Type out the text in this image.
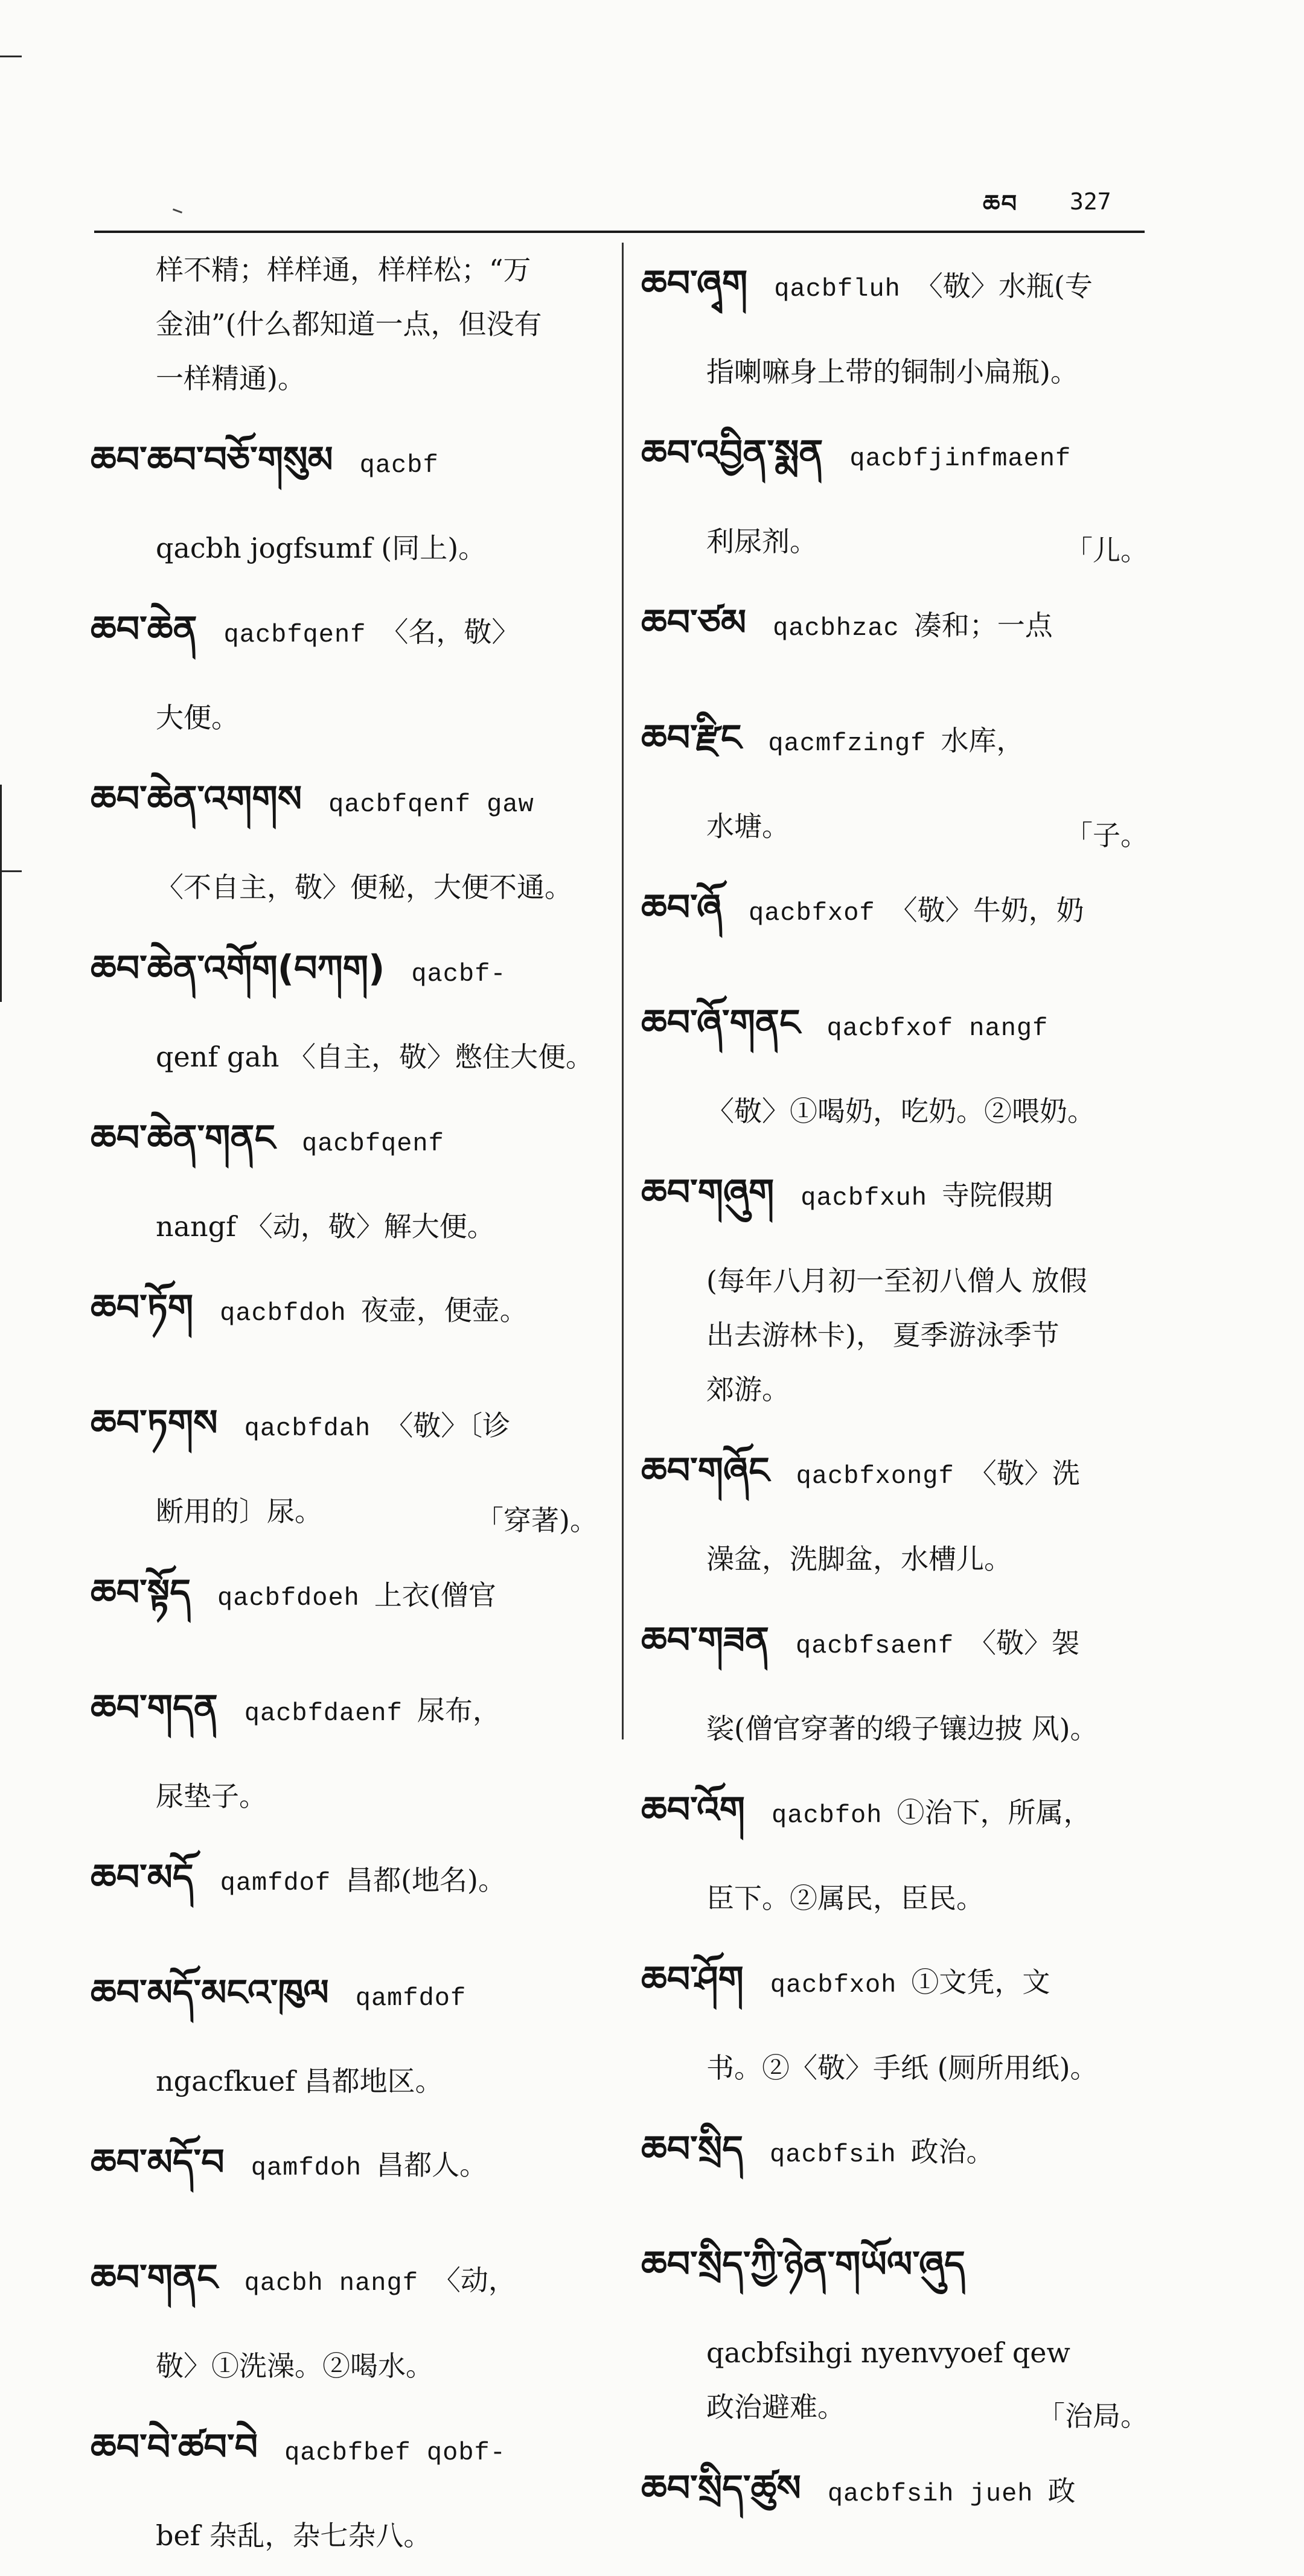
ཆབ 327
样不精；样样通，样样松；“万
金油”(什么都知道一点，但没有
一样精通)。
ཆབ་ཆབ་བཅོ་གསུམ qacbf
qacbh jogfsumf (同上)。
ཆབ་ཆེན qacbfqenf 〈名，敬〉
大便。
ཆབ་ཆེན་འགགས qacbfqenf gaw
〈不自主，敬〉便秘，大便不通。
ཆབ་ཆེན་འགོག(བཀག) qacbf-
qenf gah 〈自主，敬〉憋住大便。
ཆབ་ཆེན་གནང qacbfqenf
nangf 〈动，敬〉解大便。
ཆབ་ཏོག qacbfdoh 夜壶，便壶。
ཆབ་ཏགས qacbfdah 〈敬〉〔诊
断用的〕尿。	「穿著)。
ཆབ་སྟོད qacbfdoeh 上衣(僧官
ཆབ་གདན qacbfdaenf 尿布，
尿垫子。
ཆབ་མདོ qamfdof 昌都(地名)。
ཆབ་མདོ་མངའ་ཁུལ qamfdof
ngacfkuef 昌都地区。
ཆབ་མདོ་བ qamfdoh 昌都人。
ཆབ་གནང qacbh nangf 〈动，
敬〉①洗澡。②喝水。
ཆབ་བེ་ཚབ་བེ qacbfbef qobf-
bef 杂乱，杂七杂八。
ཆབ་ཞྭག qacbfluh 〈敬〉水瓶(专
指喇嘛身上带的铜制小扁瓶)。
ཆབ་འབྱིན་སྨན qacbfjinfmaenf
利尿剂。	「儿。
ཆབ་ཙམ qacbhzac 凑和；一点
ཆབ་རྫིང qacmfzingf 水库，
水塘。	「子。
ཆབ་ཞོ qacbfxof 〈敬〉牛奶，奶
ཆབ་ཞོ་གནང qacbfxof nangf
〈敬〉①喝奶，吃奶。②喂奶。
ཆབ་གཞུག qacbfxuh 寺院假期
(每年八月初一至初八僧人 放假
出去游林卡)， 夏季游泳季节
郊游。
ཆབ་གཞོང qacbfxongf 〈敬〉洗
澡盆，洗脚盆，水槽儿。
ཆབ་གཟན qacbfsaenf 〈敬〉袈
裟(僧官穿著的缎子镶边披 风)。
ཆབ་འོག qacbfoh ①治下，所属，
臣下。②属民，臣民。
ཆབ་ཤོག qacbfxoh ①文凭，文
书。②〈敬〉手纸 (厕所用纸)。
ཆབ་སྲིད qacbfsih 政治。
ཆབ་སྲིད་ཀྱི་ཉེན་གཡོལ་ཞུད
qacbfsihgi nyenvyoef qew
政治避难。	「治局。
ཆབ་སྲིད་ཚུས qacbfsih jueh 政
